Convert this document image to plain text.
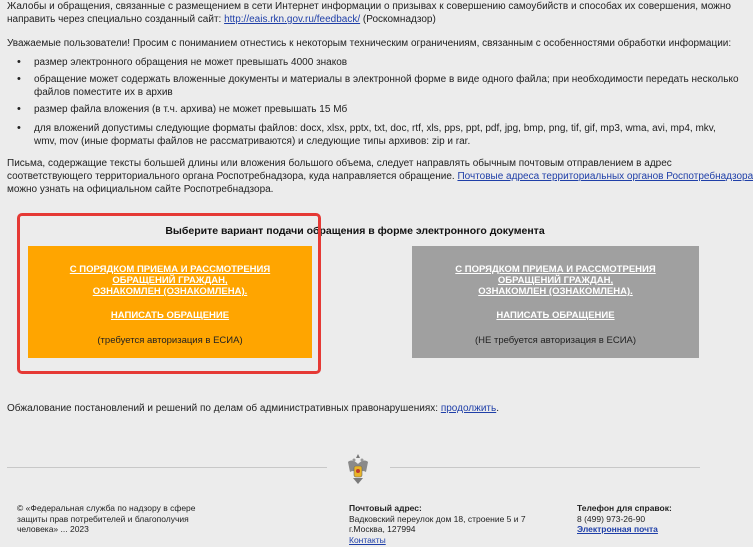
Жалобы и обращения, связанные с размещением в сети Интернет информации о призывах к совершению самоубийств и способах их совершения, можно
направить через специально созданный сайт: http://eais.rkn.gov.ru/feedback/ (Роскомнадзор)
Уважаемые пользователи! Просим с пониманием отнестись к некоторым техническим ограничениям, связанным с особенностями обработки информации:
• размер электронного обращения не может превышать 4000 знаков
• обращение может содержать вложенные документы и материалы в электронной форме в виде одного файла; при необходимости передать несколько
файлов поместите их в архив
• размер файла вложения (в т.ч. архива) не может превышать 15 Мб
• для вложений допустимы следующие форматы файлов: docx, xlsx, pptx, txt, doc, rtf, xls, pps, ppt, pdf, jpg, bmp, png, tif, gif, mp3, wma, avi, mp4, mkv,
wmv, mov (иные форматы файлов не рассматриваются) и следующие типы архивов: zip и rar.
Письма, содержащие тексты большей длины или вложения большого объема, следует направлять обычным почтовым отправлением в адрес
соответствующего территориального органа Роспотребнадзора, куда направляется обращение. Почтовые адреса территориальных органов Роспотребнадзора
можно узнать на официальном сайте Роспотребнадзора.
Выберите вариант подачи обращения в форме электронного документа
С ПОРЯДКОМ ПРИЕМА И РАССМОТРЕНИЯ
ОБРАЩЕНИЙ ГРАЖДАН,
ОЗНАКОМЛЕН (ОЗНАКОМЛЕНА).
НАПИСАТЬ ОБРАЩЕНИЕ
(требуется авторизация в ЕСИА)
С ПОРЯДКОМ ПРИЕМА И РАССМОТРЕНИЯ
ОБРАЩЕНИЙ ГРАЖДАН,
ОЗНАКОМЛЕН (ОЗНАКОМЛЕНА).
НАПИСАТЬ ОБРАЩЕНИЕ
(НЕ требуется авторизация в ЕСИА)
Обжалование постановлений и решений по делам об административных правонарушениях: продолжить.
© «Федеральная служба по надзору в сфере
защиты прав потребителей и благополучия
человека» ... 2023
Почтовый адрес:
Вадковский переулок дом 18, строение 5 и 7
г.Москва, 127994
Контакты
Телефон для справок:
8 (499) 973-26-90
Электронная почта
